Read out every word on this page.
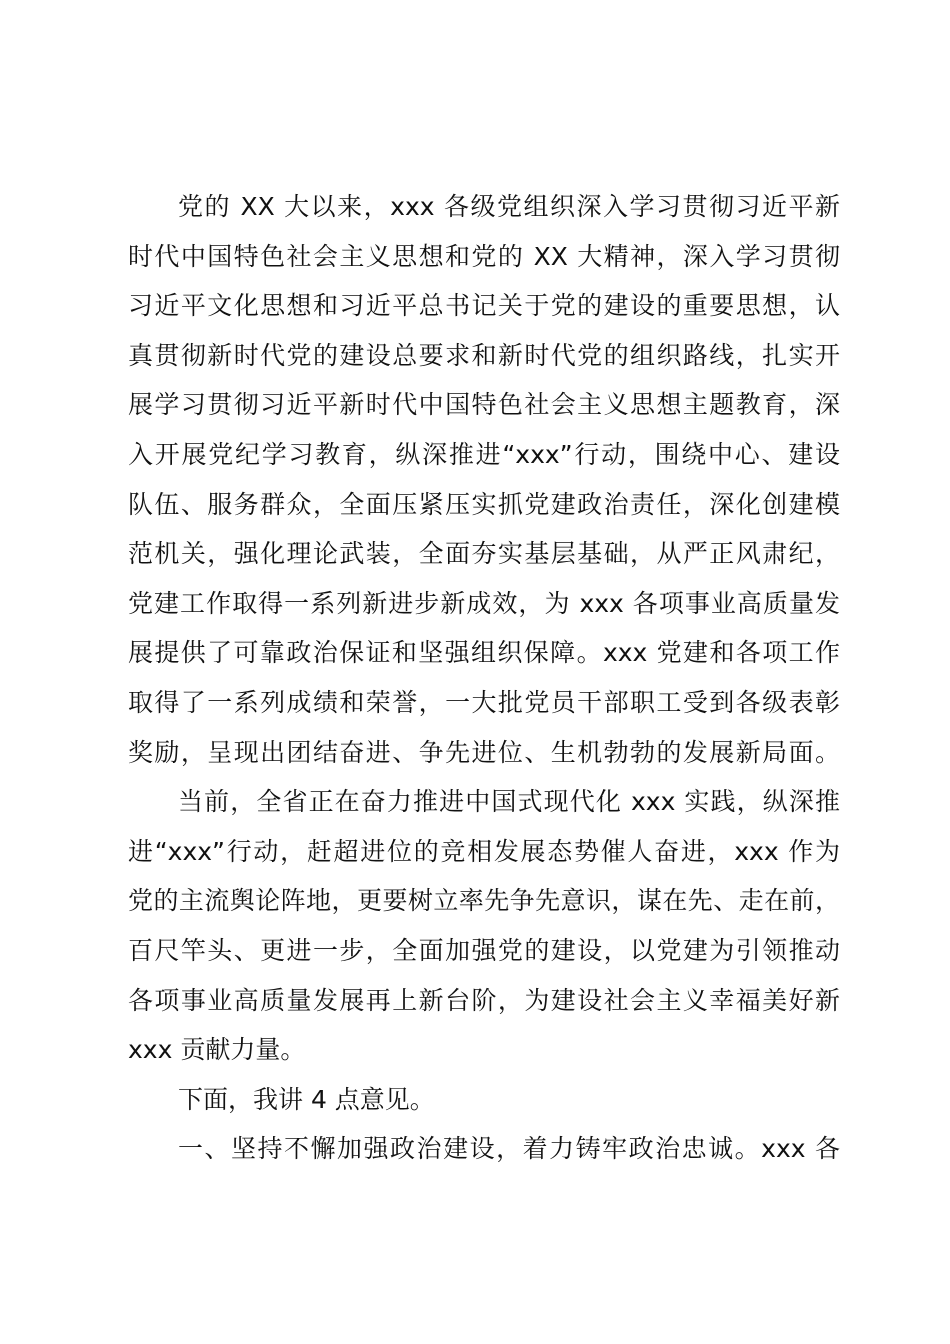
党的 XX 大以来，xxx 各级党组织深入学习贯彻习近平新
时代中国特色社会主义思想和党的 XX 大精神，深入学习贯彻
习近平文化思想和习近平总书记关于党的建设的重要思想，认
真贯彻新时代党的建设总要求和新时代党的组织路线，扎实开
展学习贯彻习近平新时代中国特色社会主义思想主题教育，深
入开展党纪学习教育，纵深推进“xxx”行动，围绕中心、建设
队伍、服务群众，全面压紧压实抓党建政治责任，深化创建模
范机关，强化理论武装，全面夯实基层基础，从严正风肃纪，
党建工作取得一系列新进步新成效，为 xxx 各项事业高质量发
展提供了可靠政治保证和坚强组织保障。xxx 党建和各项工作
取得了一系列成绩和荣誉，一大批党员干部职工受到各级表彰
奖励，呈现出团结奋进、争先进位、生机勃勃的发展新局面。
当前，全省正在奋力推进中国式现代化 xxx 实践，纵深推
进“xxx”行动，赶超进位的竞相发展态势催人奋进，xxx 作为
党的主流舆论阵地，更要树立率先争先意识，谋在先、走在前，
百尺竿头、更进一步，全面加强党的建设，以党建为引领推动
各项事业高质量发展再上新台阶，为建设社会主义幸福美好新
xxx 贡献力量。
下面，我讲 4 点意见。
一、坚持不懈加强政治建设，着力铸牢政治忠诚。xxx 各
